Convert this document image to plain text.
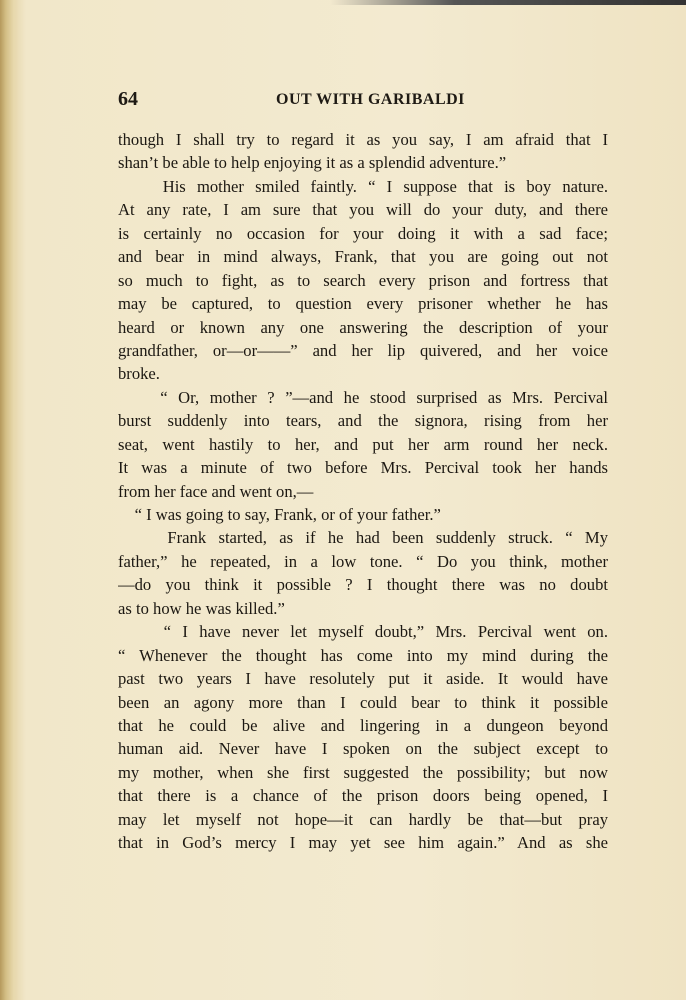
64	OUT WITH GARIBALDI
though I shall try to regard it as you say, I am afraid that I
shan’t be able to help enjoying it as a splendid adventure.”
His mother smiled faintly. “ I suppose that is boy nature.
At any rate, I am sure that you will do your duty, and there
is certainly no occasion for your doing it with a sad face;
and bear in mind always, Frank, that you are going out not
so much to fight, as to search every prison and fortress that
may be captured, to question every prisoner whether he has
heard or known any one answering the description of your
grandfather, or—or——” and her lip quivered, and her voice
broke.
“ Or, mother ? ”—and he stood surprised as Mrs. Percival
burst suddenly into tears, and the signora, rising from her
seat, went hastily to her, and put her arm round her neck.
It was a minute of two before Mrs. Percival took her hands
from her face and went on,—
“ I was going to say, Frank, or of your father.”
Frank started, as if he had been suddenly struck. “ My
father,” he repeated, in a low tone. “ Do you think, mother
—do you think it possible ? I thought there was no doubt
as to how he was killed.”
“ I have never let myself doubt,” Mrs. Percival went on.
“ Whenever the thought has come into my mind during the
past two years I have resolutely put it aside. It would have
been an agony more than I could bear to think it possible
that he could be alive and lingering in a dungeon beyond
human aid. Never have I spoken on the subject except to
my mother, when she first suggested the possibility; but now
that there is a chance of the prison doors being opened, I
may let myself not hope—it can hardly be that—but pray
that in God’s mercy I may yet see him again.” And as she
